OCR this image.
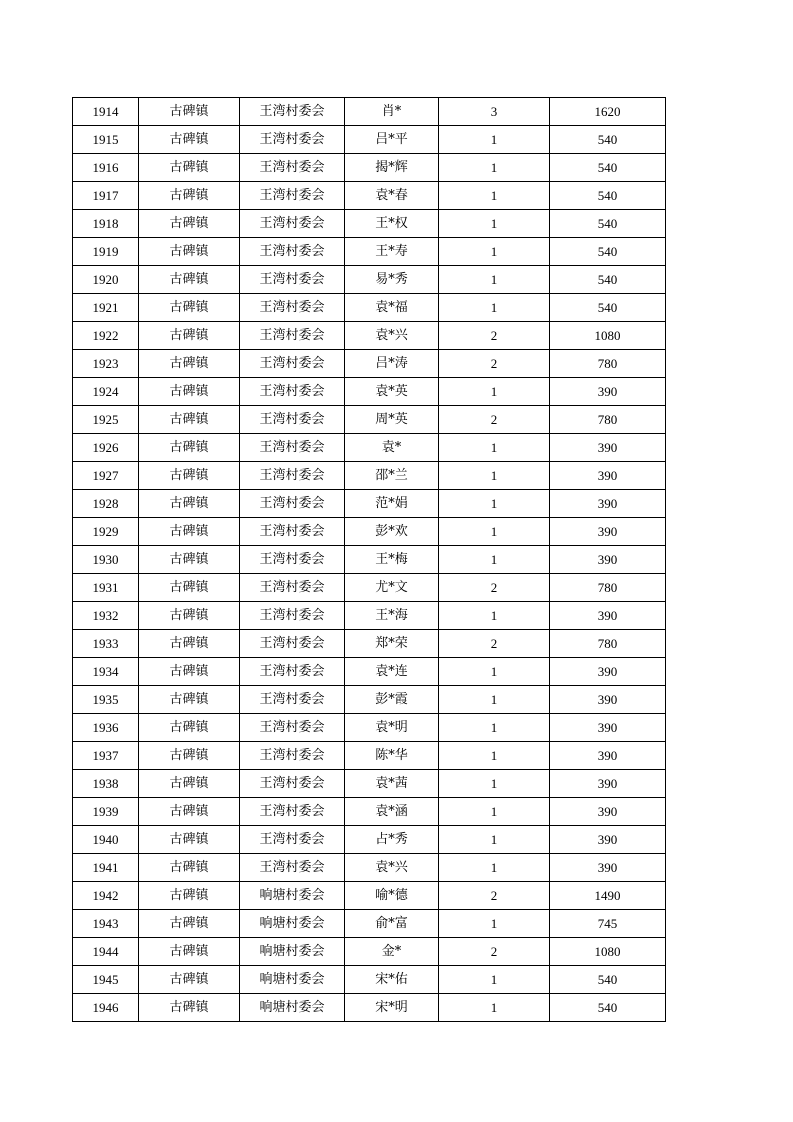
1914	古碑镇	王湾村委会	肖*	3	1620
1915	古碑镇	王湾村委会	吕*平	1	540
1916	古碑镇	王湾村委会	揭*辉	1	540
1917	古碑镇	王湾村委会	袁*春	1	540
1918	古碑镇	王湾村委会	王*权	1	540
1919	古碑镇	王湾村委会	王*寿	1	540
1920	古碑镇	王湾村委会	易*秀	1	540
1921	古碑镇	王湾村委会	袁*福	1	540
1922	古碑镇	王湾村委会	袁*兴	2	1080
1923	古碑镇	王湾村委会	吕*涛	2	780
1924	古碑镇	王湾村委会	袁*英	1	390
1925	古碑镇	王湾村委会	周*英	2	780
1926	古碑镇	王湾村委会	袁*	1	390
1927	古碑镇	王湾村委会	邵*兰	1	390
1928	古碑镇	王湾村委会	范*娟	1	390
1929	古碑镇	王湾村委会	彭*欢	1	390
1930	古碑镇	王湾村委会	王*梅	1	390
1931	古碑镇	王湾村委会	尤*文	2	780
1932	古碑镇	王湾村委会	王*海	1	390
1933	古碑镇	王湾村委会	郑*荣	2	780
1934	古碑镇	王湾村委会	袁*连	1	390
1935	古碑镇	王湾村委会	彭*霞	1	390
1936	古碑镇	王湾村委会	袁*明	1	390
1937	古碑镇	王湾村委会	陈*华	1	390
1938	古碑镇	王湾村委会	袁*茜	1	390
1939	古碑镇	王湾村委会	袁*涵	1	390
1940	古碑镇	王湾村委会	占*秀	1	390
1941	古碑镇	王湾村委会	袁*兴	1	390
1942	古碑镇	响塘村委会	喻*德	2	1490
1943	古碑镇	响塘村委会	俞*富	1	745
1944	古碑镇	响塘村委会	金*	2	1080
1945	古碑镇	响塘村委会	宋*佑	1	540
1946	古碑镇	响塘村委会	宋*明	1	540
